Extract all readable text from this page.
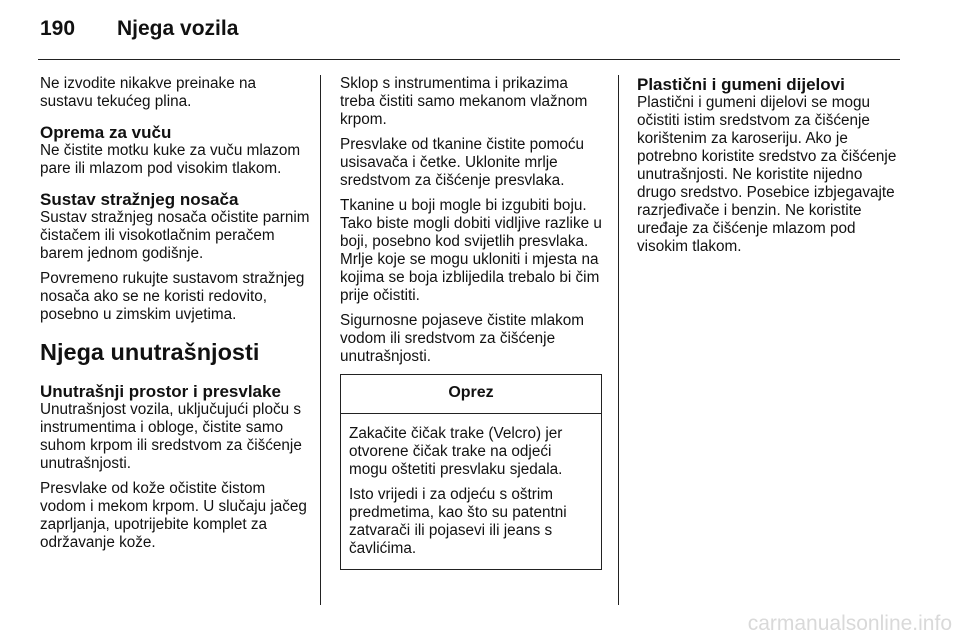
190 Njega vozila

Ne izvodite nikakve preinake na sustavu tekućeg plina.

Oprema za vuču

Ne čistite motku kuke za vuču mlazom pare ili mlazom pod visokim tlakom.

Sustav stražnjeg nosača

Sustav stražnjeg nosača očistite parnim čistačem ili visokotlačnim peračem barem jednom godišnje.

Povremeno rukujte sustavom stražnjeg nosača ako se ne koristi redovito, posebno u zimskim uvjetima.

Njega unutrašnjosti
Unutrašnji prostor i presvlake

Unutrašnjost vozila, uključujući ploču s instrumentima i obloge, čistite samo suhom krpom ili sredstvom za čišćenje unutrašnjosti.

Presvlake od kože očistite čistom vodom i mekom krpom. U slučaju jačeg zaprljanja, upotrijebite komplet za održavanje kože.

Sklop s instrumentima i prikazima treba čistiti samo mekanom vlažnom krpom.

Presvlake od tkanine čistite pomoću usisavača i četke. Uklonite mrlje sredstvom za čišćenje presvlaka.

Tkanine u boji mogle bi izgubiti boju. Tako biste mogli dobiti vidljive razlike u boji, posebno kod svijetlih presvlaka. Mrlje koje se mogu ukloniti i mjesta na kojima se boja izblijedila trebalo bi čim prije očistiti.

Sigurnosne pojaseve čistite mlakom vodom ili sredstvom za čišćenje unutrašnjosti.

Oprez

Zakačite čičak trake (Velcro) jer otvorene čičak trake na odjeći mogu oštetiti presvlaku sjedala.

Isto vrijedi i za odjeću s oštrim predmetima, kao što su patentni zatvarači ili pojasevi ili jeans s čavlićima.

Plastični i gumeni dijelovi

Plastični i gumeni dijelovi se mogu očistiti istim sredstvom za čišćenje korištenim za karoseriju. Ako je potrebno koristite sredstvo za čišćenje unutrašnjosti. Ne koristite nijedno drugo sredstvo. Posebice izbjegavajte razrjeđivače i benzin. Ne koristite uređaje za čišćenje mlazom pod visokim tlakom.

carmanualsonline.info
